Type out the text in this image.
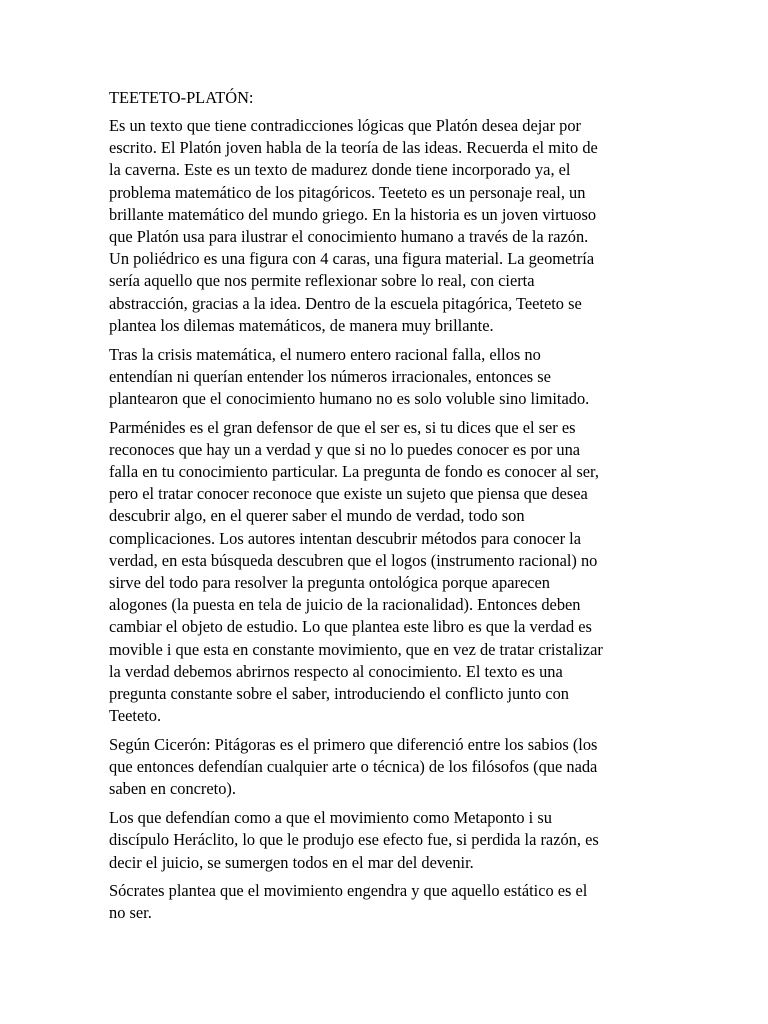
TEETETO-PLATÓN:
Es un texto que tiene contradicciones lógicas que Platón desea dejar por
escrito. El Platón joven habla de la teoría de las ideas. Recuerda el mito de
la caverna. Este es un texto de madurez donde tiene incorporado ya, el
problema matemático de los pitagóricos. Teeteto es un personaje real, un
brillante matemático del mundo griego. En la historia es un joven virtuoso
que Platón usa para ilustrar el conocimiento humano a través de la razón.
Un poliédrico es una figura con 4 caras, una figura material. La geometría
sería aquello que nos permite reflexionar sobre lo real, con cierta
abstracción, gracias a la idea. Dentro de la escuela pitagórica, Teeteto se
plantea los dilemas matemáticos, de manera muy brillante.
Tras la crisis matemática, el numero entero racional falla, ellos no
entendían ni querían entender los números irracionales, entonces se
plantearon que el conocimiento humano no es solo voluble sino limitado.
Parménides es el gran defensor de que el ser es, si tu dices que el ser es
reconoces que hay un a verdad y que si no lo puedes conocer es por una
falla en tu conocimiento particular. La pregunta de fondo es conocer al ser,
pero el tratar conocer reconoce que existe un sujeto que piensa que desea
descubrir algo, en el querer saber el mundo de verdad, todo son
complicaciones. Los autores intentan descubrir métodos para conocer la
verdad, en esta búsqueda descubren que el logos (instrumento racional) no
sirve del todo para resolver la pregunta ontológica porque aparecen
alogones (la puesta en tela de juicio de la racionalidad). Entonces deben
cambiar el objeto de estudio. Lo que plantea este libro es que la verdad es
movible i que esta en constante movimiento, que en vez de tratar cristalizar
la verdad debemos abrirnos respecto al conocimiento. El texto es una
pregunta constante sobre el saber, introduciendo el conflicto junto con
Teeteto.
Según Cicerón: Pitágoras es el primero que diferenció entre los sabios (los
que entonces defendían cualquier arte o técnica) de los filósofos (que nada
saben en concreto).
Los que defendían como a que el movimiento como Metaponto i su
discípulo Heráclito, lo que le produjo ese efecto fue, si perdida la razón, es
decir el juicio, se sumergen todos en el mar del devenir.
Sócrates plantea que el movimiento engendra y que aquello estático es el
no ser.
